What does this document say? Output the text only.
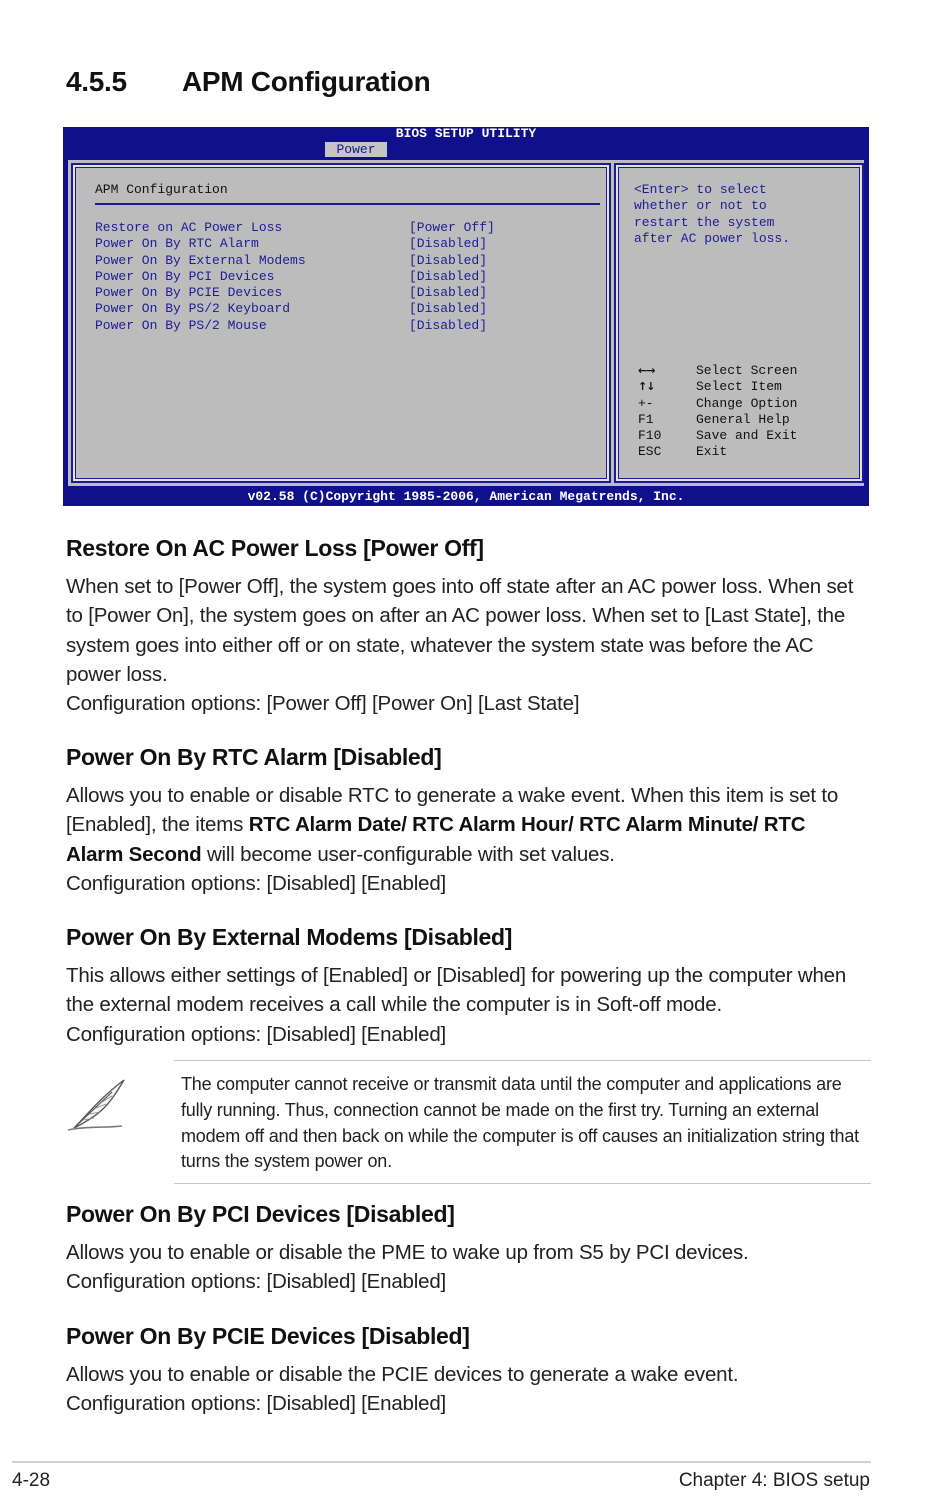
4.5.5 APM Configuration
BIOS SETUP UTILITY
Power
APM Configuration
Restore on AC Power Loss	[Power Off]
Power On By RTC Alarm	[Disabled]
Power On By External Modems	[Disabled]
Power On By PCI Devices	[Disabled]
Power On By PCIE Devices	[Disabled]
Power On By PS/2 Keyboard	[Disabled]
Power On By PS/2 Mouse	[Disabled]
<Enter> to select
whether or not to
restart the system
after AC power loss.
←→	Select Screen
↑↓	Select Item
+-	Change Option
F1	General Help
F10	Save and Exit
ESC	Exit
v02.58 (C)Copyright 1985-2006, American Megatrends, Inc.
Restore On AC Power Loss [Power Off]

When set to [Power Off], the system goes into off state after an AC power loss. When set to [Power On], the system goes on after an AC power loss. When set to [Last State], the system goes into either off or on state, whatever the system state was before the AC power loss.

Configuration options: [Power Off] [Power On] [Last State]

Power On By RTC Alarm [Disabled]

Allows you to enable or disable RTC to generate a wake event. When this item is set to [Enabled], the items RTC Alarm Date/ RTC Alarm Hour/ RTC Alarm Minute/ RTC Alarm Second will become user-configurable with set values.

Configuration options: [Disabled] [Enabled]

Power On By External Modems [Disabled]

This allows either settings of [Enabled] or [Disabled] for powering up the computer when the external modem receives a call while the computer is in Soft-off mode.

Configuration options: [Disabled] [Enabled]

The computer cannot receive or transmit data until the computer and applications are fully running. Thus, connection cannot be made on the first try. Turning an external modem off and then back on while the computer is off causes an initialization string that turns the system power on.

Power On By PCI Devices [Disabled]

Allows you to enable or disable the PME to wake up from S5 by PCI devices.

Configuration options: [Disabled] [Enabled]

Power On By PCIE Devices [Disabled]

Allows you to enable or disable the PCIE devices to generate a wake event.

Configuration options: [Disabled] [Enabled]

4-28	Chapter 4: BIOS setup
